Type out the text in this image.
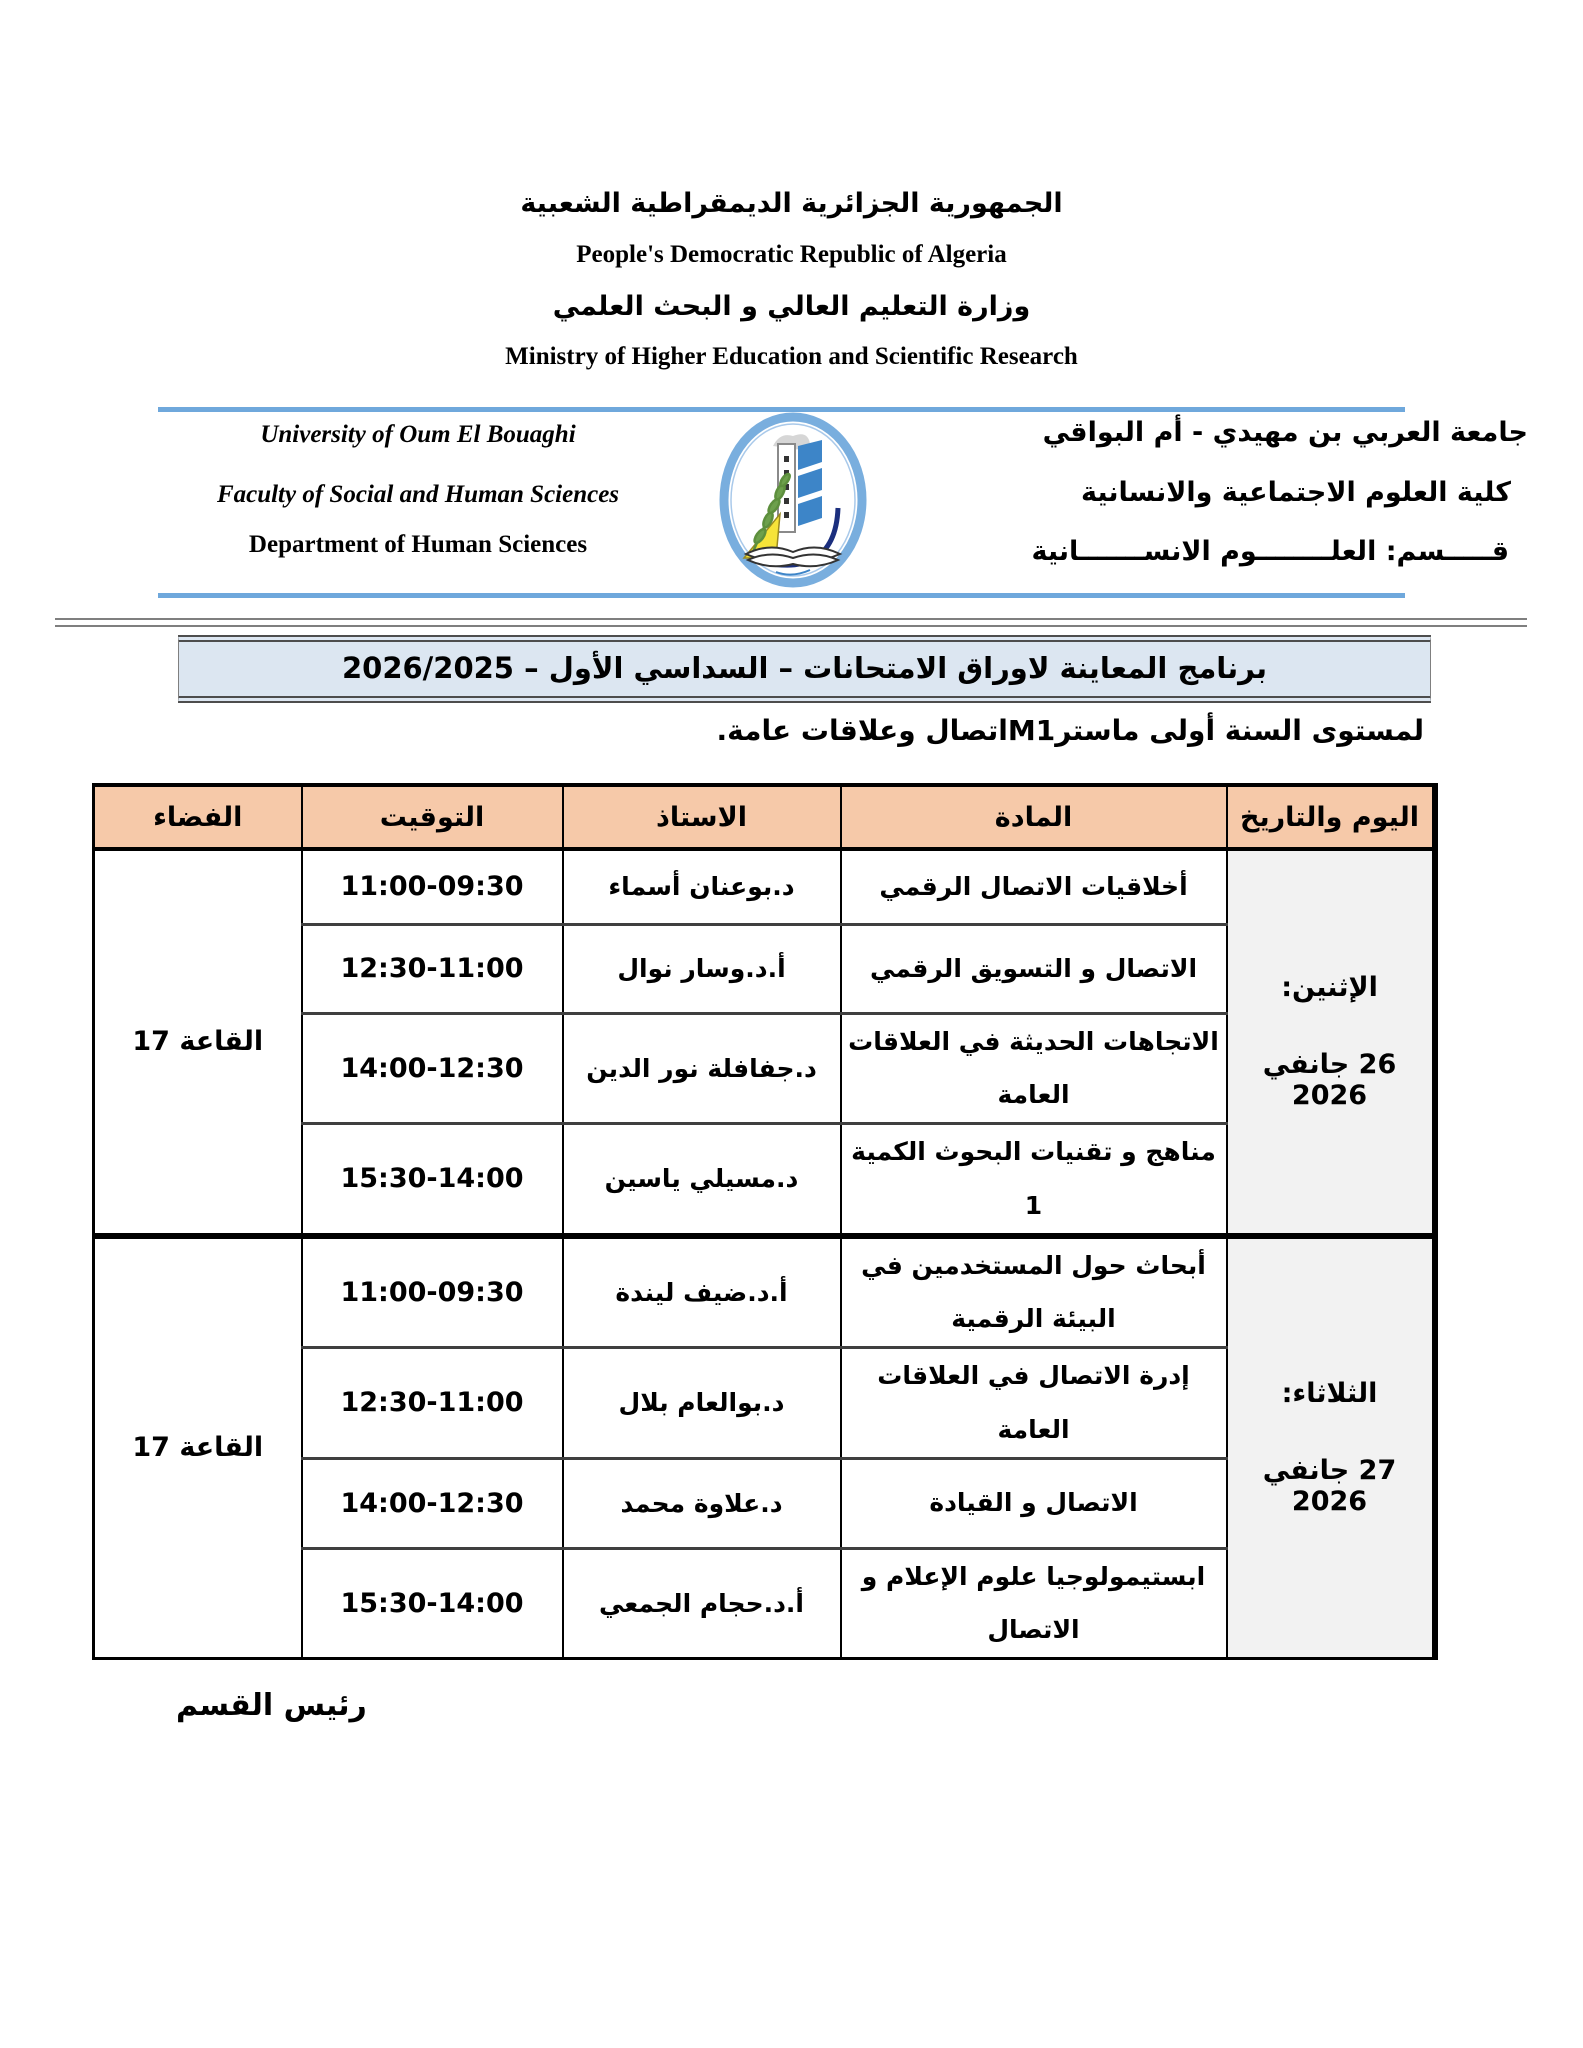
الجمهورية الجزائرية الديمقراطية الشعبية
People's Democratic Republic of Algeria
وزارة التعليم العالي و البحث العلمي
Ministry of Higher Education and Scientific Research
University of Oum El Bouaghi
Faculty of Social and Human Sciences
Department of Human Sciences
جامعة العربي بن مهيدي - أم البواقي
كلية العلوم الاجتماعية والانسانية
قـــــسم: العلــــــــوم الانســـــــانية
برنامج المعاينة لاوراق الامتحانات – السداسي الأول – 2026/2025
لمستوى السنة أولى ماسترM1اتصال وعلاقات عامة.
اليوم والتاريخ	المادة	الاستاذ	التوقيت	الفضاء

الإثنين:
26 جانفي 2026	أخلاقيات الاتصال الرقمي	د.بوعنان أسماء	11:00-09:30	القاعة 17
	الاتصال و التسويق الرقمي	أ.د.وسار نوال	12:30-11:00	
	الاتجاهات الحديثة في العلاقات العامة	د.جفافلة نور الدين	14:00-12:30	
	مناهج و تقنيات البحوث الكمية 1	د.مسيلي ياسين	15:30-14:00	

الثلاثاء:
27 جانفي 2026	أبحاث حول المستخدمين في البيئة الرقمية	أ.د.ضيف ليندة	11:00-09:30	القاعة 17
	إدرة الاتصال في العلاقات العامة	د.بوالعام بلال	12:30-11:00	
	الاتصال و القيادة	د.علاوة محمد	14:00-12:30	
	ابستيمولوجيا علوم الإعلام و الاتصال	أ.د.حجام الجمعي	15:30-14:00	
رئيس القسم
